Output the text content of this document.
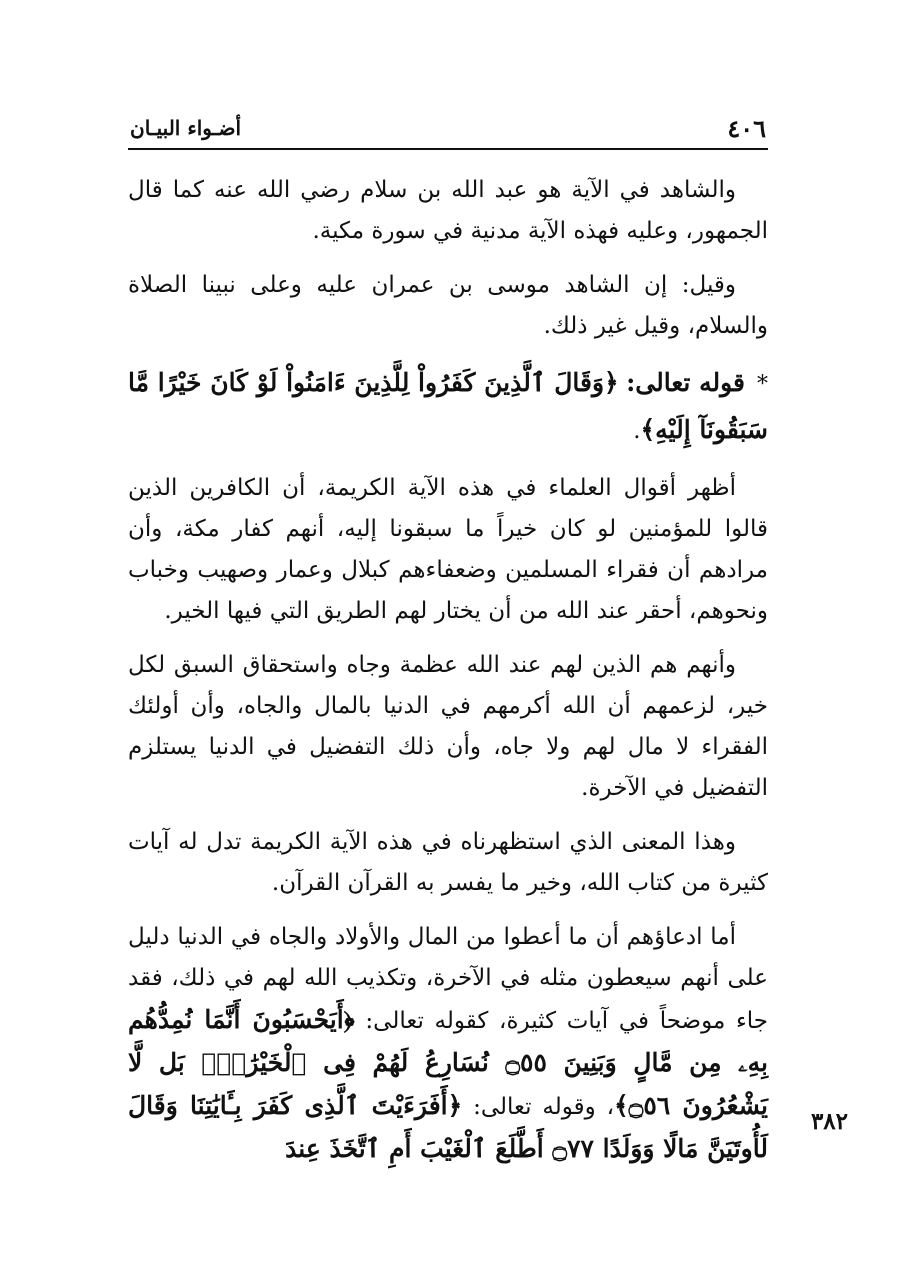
٤٠٦
أضـواء البيـان

والشاهد في الآية هو عبد الله بن سلام رضي الله عنه كما قال الجمهور، وعليه فهذه الآية مدنية في سورة مكية.

وقيل: إن الشاهد موسى بن عمران عليه وعلى نبينا الصلاة والسلام، وقيل غير ذلك.

*قوله تعالى: ﴿وَقَالَ ٱلَّذِينَ كَفَرُواْ لِلَّذِينَ ءَامَنُواْ لَوْ كَانَ خَيْرًا مَّا سَبَقُونَآ إِلَيْهِ﴾.

أظهر أقوال العلماء في هذه الآية الكريمة، أن الكافرين الذين قالوا للمؤمنين لو كان خيراً ما سبقونا إليه، أنهم كفار مكة، وأن مرادهم أن فقراء المسلمين وضعفاءهم كبلال وعمار وصهيب وخباب ونحوهم، أحقر عند الله من أن يختار لهم الطريق التي فيها الخير.

وأنهم هم الذين لهم عند الله عظمة وجاه واستحقاق السبق لكل خير، لزعمهم أن الله أكرمهم في الدنيا بالمال والجاه، وأن أولئك الفقراء لا مال لهم ولا جاه، وأن ذلك التفضيل في الدنيا يستلزم التفضيل في الآخرة.

وهذا المعنى الذي استظهرناه في هذه الآية الكريمة تدل له آيات كثيرة من كتاب الله، وخير ما يفسر به القرآن القرآن.

أما ادعاؤهم أن ما أعطوا من المال والأولاد والجاه في الدنيا دليل على أنهم سيعطون مثله في الآخرة، وتكذيب الله لهم في ذلك، فقد جاء موضحاً في آيات كثيرة، كقوله تعالى: ﴿أَيَحْسَبُونَ أَنَّمَا نُمِدُّهُم بِهِۦ مِن مَّالٍ وَبَنِينَ ۝٥٥ نُسَارِعُ لَهُمْ فِى ٱلْخَيْرَٰتِۚ بَل لَّا يَشْعُرُونَ ۝٥٦﴾، وقوله تعالى: ﴿أَفَرَءَيْتَ ٱلَّذِى كَفَرَ بِـَٔايَٰتِنَا وَقَالَ لَأُوتَيَنَّ مَالًا وَوَلَدًا ۝٧٧ أَطَّلَعَ ٱلْغَيْبَ أَمِ ٱتَّخَذَ عِندَ

٣٨٢
